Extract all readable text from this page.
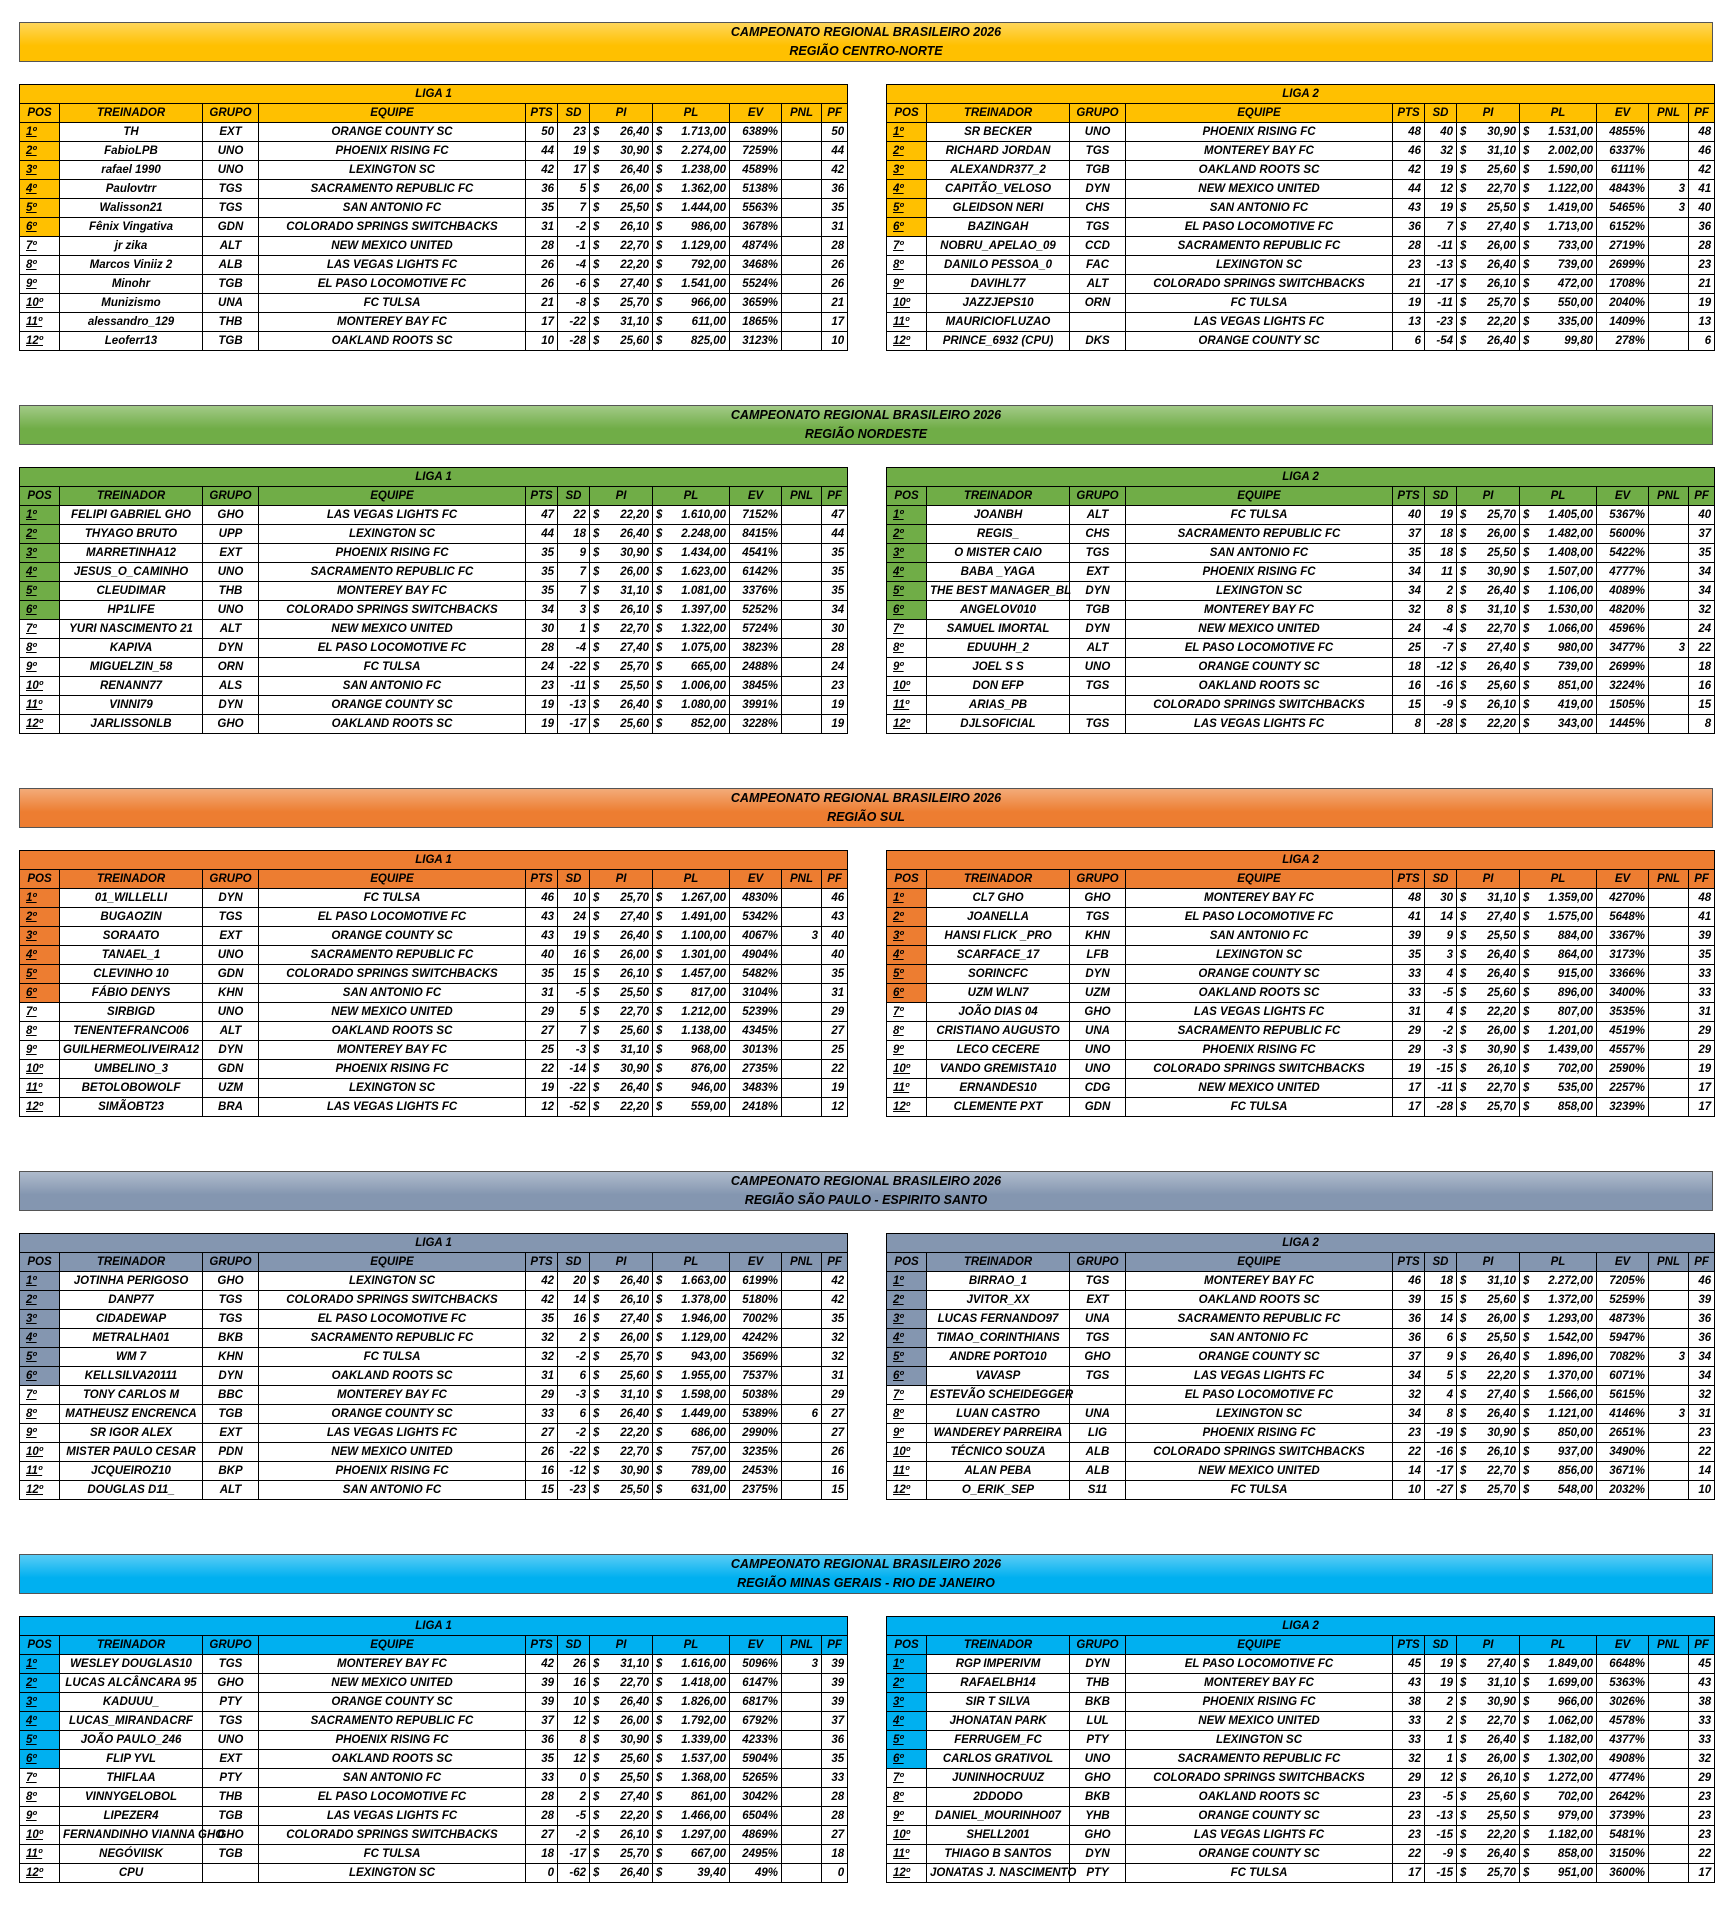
CAMPEONATO REGIONAL BRASILEIRO 2026
REGIÃO CENTRO-NORTE
LIGA 1										
POS	TREINADOR	GRUPO	EQUIPE	PTS	SD	PI	PL	EV	PNL	PF
1º	TH	EXT	ORANGE COUNTY SC	50	23	$ 26,40	$ 1.713,00	6389%		50
2º	FabioLPB	UNO	PHOENIX RISING FC	44	19	$ 30,90	$ 2.274,00	7259%		44
3º	rafael 1990	UNO	LEXINGTON SC	42	17	$ 26,40	$ 1.238,00	4589%		42
4º	Paulovtrr	TGS	SACRAMENTO REPUBLIC FC	36	5	$ 26,00	$ 1.362,00	5138%		36
5º	Walisson21	TGS	SAN ANTONIO FC	35	7	$ 25,50	$ 1.444,00	5563%		35
6º	Fênix Vingativa	GDN	COLORADO SPRINGS SWITCHBACKS	31	-2	$ 26,10	$ 986,00	3678%		31
7º	jr zika	ALT	NEW MEXICO UNITED	28	-1	$ 22,70	$ 1.129,00	4874%		28
8º	Marcos Viniiz 2	ALB	LAS VEGAS LIGHTS FC	26	-4	$ 22,20	$ 792,00	3468%		26
9º	Minohr	TGB	EL PASO LOCOMOTIVE FC	26	-6	$ 27,40	$ 1.541,00	5524%		26
10º	Munizismo	UNA	FC TULSA	21	-8	$ 25,70	$ 966,00	3659%		21
11º	alessandro_129	THB	MONTEREY BAY FC	17	-22	$ 31,10	$ 611,00	1865%		17
12º	Leoferr13	TGB	OAKLAND ROOTS SC	10	-28	$ 25,60	$ 825,00	3123%		10
LIGA 2										
POS	TREINADOR	GRUPO	EQUIPE	PTS	SD	PI	PL	EV	PNL	PF
1º	SR BECKER	UNO	PHOENIX RISING FC	48	40	$ 30,90	$ 1.531,00	4855%		48
2º	RICHARD JORDAN	TGS	MONTEREY BAY FC	46	32	$ 31,10	$ 2.002,00	6337%		46
3º	ALEXANDR377_2	TGB	OAKLAND ROOTS SC	42	19	$ 25,60	$ 1.590,00	6111%		42
4º	CAPITÃO_VELOSO	DYN	NEW MEXICO UNITED	44	12	$ 22,70	$ 1.122,00	4843%	3	41
5º	GLEIDSON NERI	CHS	SAN ANTONIO FC	43	19	$ 25,50	$ 1.419,00	5465%	3	40
6º	BAZINGAH	TGS	EL PASO LOCOMOTIVE FC	36	7	$ 27,40	$ 1.713,00	6152%		36
7º	NOBRU_APELAO_09	CCD	SACRAMENTO REPUBLIC FC	28	-11	$ 26,00	$ 733,00	2719%		28
8º	DANILO PESSOA_0	FAC	LEXINGTON SC	23	-13	$ 26,40	$ 739,00	2699%		23
9º	DAVIHL77	ALT	COLORADO SPRINGS SWITCHBACKS	21	-17	$ 26,10	$ 472,00	1708%		21
10º	JAZZJEPS10	ORN	FC TULSA	19	-11	$ 25,70	$ 550,00	2040%		19
11º	MAURICIOFLUZAO		LAS VEGAS LIGHTS FC	13	-23	$ 22,20	$ 335,00	1409%		13
12º	PRINCE_6932 (CPU)	DKS	ORANGE COUNTY SC	6	-54	$ 26,40	$ 99,80	278%		6
CAMPEONATO REGIONAL BRASILEIRO 2026
REGIÃO NORDESTE
LIGA 1										
POS	TREINADOR	GRUPO	EQUIPE	PTS	SD	PI	PL	EV	PNL	PF
1º	FELIPI GABRIEL GHO	GHO	LAS VEGAS LIGHTS FC	47	22	$ 22,20	$ 1.610,00	7152%		47
2º	THYAGO BRUTO	UPP	LEXINGTON SC	44	18	$ 26,40	$ 2.248,00	8415%		44
3º	MARRETINHA12	EXT	PHOENIX RISING FC	35	9	$ 30,90	$ 1.434,00	4541%		35
4º	JESUS_O_CAMINHO	UNO	SACRAMENTO REPUBLIC FC	35	7	$ 26,00	$ 1.623,00	6142%		35
5º	CLEUDIMAR	THB	MONTEREY BAY FC	35	7	$ 31,10	$ 1.081,00	3376%		35
6º	HP1LIFE	UNO	COLORADO SPRINGS SWITCHBACKS	34	3	$ 26,10	$ 1.397,00	5252%		34
7º	YURI NASCIMENTO 21	ALT	NEW MEXICO UNITED	30	1	$ 22,70	$ 1.322,00	5724%		30
8º	KAPIVA	DYN	EL PASO LOCOMOTIVE FC	28	-4	$ 27,40	$ 1.075,00	3823%		28
9º	MIGUELZIN_58	ORN	FC TULSA	24	-22	$ 25,70	$ 665,00	2488%		24
10º	RENANN77	ALS	SAN ANTONIO FC	23	-11	$ 25,50	$ 1.006,00	3845%		23
11º	VINNI79	DYN	ORANGE COUNTY SC	19	-13	$ 26,40	$ 1.080,00	3991%		19
12º	JARLISSONLB	GHO	OAKLAND ROOTS SC	19	-17	$ 25,60	$ 852,00	3228%		19
LIGA 2										
POS	TREINADOR	GRUPO	EQUIPE	PTS	SD	PI	PL	EV	PNL	PF
1º	JOANBH	ALT	FC TULSA	40	19	$ 25,70	$ 1.405,00	5367%		40
2º	REGIS_	CHS	SACRAMENTO REPUBLIC FC	37	18	$ 26,00	$ 1.482,00	5600%		37
3º	O MISTER CAIO	TGS	SAN ANTONIO FC	35	18	$ 25,50	$ 1.408,00	5422%		35
4º	BABA _YAGA	EXT	PHOENIX RISING FC	34	11	$ 30,90	$ 1.507,00	4777%		34
5º	THE BEST MANAGER_BL	DYN	LEXINGTON SC	34	2	$ 26,40	$ 1.106,00	4089%		34
6º	ANGELOV010	TGB	MONTEREY BAY FC	32	8	$ 31,10	$ 1.530,00	4820%		32
7º	SAMUEL IMORTAL	DYN	NEW MEXICO UNITED	24	-4	$ 22,70	$ 1.066,00	4596%		24
8º	EDUUHH_2	ALT	EL PASO LOCOMOTIVE FC	25	-7	$ 27,40	$ 980,00	3477%	3	22
9º	JOEL S S	UNO	ORANGE COUNTY SC	18	-12	$ 26,40	$ 739,00	2699%		18
10º	DON EFP	TGS	OAKLAND ROOTS SC	16	-16	$ 25,60	$ 851,00	3224%		16
11º	ARIAS_PB		COLORADO SPRINGS SWITCHBACKS	15	-9	$ 26,10	$ 419,00	1505%		15
12º	DJLSOFICIAL	TGS	LAS VEGAS LIGHTS FC	8	-28	$ 22,20	$ 343,00	1445%		8
CAMPEONATO REGIONAL BRASILEIRO 2026
REGIÃO SUL
LIGA 1										
POS	TREINADOR	GRUPO	EQUIPE	PTS	SD	PI	PL	EV	PNL	PF
1º	01_WILLELLI	DYN	FC TULSA	46	10	$ 25,70	$ 1.267,00	4830%		46
2º	BUGAOZIN	TGS	EL PASO LOCOMOTIVE FC	43	24	$ 27,40	$ 1.491,00	5342%		43
3º	SORAATO	EXT	ORANGE COUNTY SC	43	19	$ 26,40	$ 1.100,00	4067%	3	40
4º	TANAEL_1	UNO	SACRAMENTO REPUBLIC FC	40	16	$ 26,00	$ 1.301,00	4904%		40
5º	CLEVINHO 10	GDN	COLORADO SPRINGS SWITCHBACKS	35	15	$ 26,10	$ 1.457,00	5482%		35
6º	FÁBIO DENYS	KHN	SAN ANTONIO FC	31	-5	$ 25,50	$ 817,00	3104%		31
7º	SIRBIGD	UNO	NEW MEXICO UNITED	29	5	$ 22,70	$ 1.212,00	5239%		29
8º	TENENTEFRANCO06	ALT	OAKLAND ROOTS SC	27	7	$ 25,60	$ 1.138,00	4345%		27
9º	GUILHERMEOLIVEIRA12	DYN	MONTEREY BAY FC	25	-3	$ 31,10	$ 968,00	3013%		25
10º	UMBELINO_3	GDN	PHOENIX RISING FC	22	-14	$ 30,90	$ 876,00	2735%		22
11º	BETOLOBOWOLF	UZM	LEXINGTON SC	19	-22	$ 26,40	$ 946,00	3483%		19
12º	SIMÃOBT23	BRA	LAS VEGAS LIGHTS FC	12	-52	$ 22,20	$ 559,00	2418%		12
LIGA 2										
POS	TREINADOR	GRUPO	EQUIPE	PTS	SD	PI	PL	EV	PNL	PF
1º	CL7 GHO	GHO	MONTEREY BAY FC	48	30	$ 31,10	$ 1.359,00	4270%		48
2º	JOANELLA	TGS	EL PASO LOCOMOTIVE FC	41	14	$ 27,40	$ 1.575,00	5648%		41
3º	HANSI FLICK _PRO	KHN	SAN ANTONIO FC	39	9	$ 25,50	$ 884,00	3367%		39
4º	SCARFACE_17	LFB	LEXINGTON SC	35	3	$ 26,40	$ 864,00	3173%		35
5º	SORINCFC	DYN	ORANGE COUNTY SC	33	4	$ 26,40	$ 915,00	3366%		33
6º	UZM WLN7	UZM	OAKLAND ROOTS SC	33	-5	$ 25,60	$ 896,00	3400%		33
7º	JOÃO DIAS 04	GHO	LAS VEGAS LIGHTS FC	31	4	$ 22,20	$ 807,00	3535%		31
8º	CRISTIANO AUGUSTO	UNA	SACRAMENTO REPUBLIC FC	29	-2	$ 26,00	$ 1.201,00	4519%		29
9º	LECO CECERE	UNO	PHOENIX RISING FC	29	-3	$ 30,90	$ 1.439,00	4557%		29
10º	VANDO GREMISTA10	UNO	COLORADO SPRINGS SWITCHBACKS	19	-15	$ 26,10	$ 702,00	2590%		19
11º	ERNANDES10	CDG	NEW MEXICO UNITED	17	-11	$ 22,70	$ 535,00	2257%		17
12º	CLEMENTE PXT	GDN	FC TULSA	17	-28	$ 25,70	$ 858,00	3239%		17
CAMPEONATO REGIONAL BRASILEIRO 2026
REGIÃO SÃO PAULO - ESPIRITO SANTO
LIGA 1										
POS	TREINADOR	GRUPO	EQUIPE	PTS	SD	PI	PL	EV	PNL	PF
1º	JOTINHA PERIGOSO	GHO	LEXINGTON SC	42	20	$ 26,40	$ 1.663,00	6199%		42
2º	DANP77	TGS	COLORADO SPRINGS SWITCHBACKS	42	14	$ 26,10	$ 1.378,00	5180%		42
3º	CIDADEWAP	TGS	EL PASO LOCOMOTIVE FC	35	16	$ 27,40	$ 1.946,00	7002%		35
4º	METRALHA01	BKB	SACRAMENTO REPUBLIC FC	32	2	$ 26,00	$ 1.129,00	4242%		32
5º	WM 7	KHN	FC TULSA	32	-2	$ 25,70	$ 943,00	3569%		32
6º	KELLSILVA20111	DYN	OAKLAND ROOTS SC	31	6	$ 25,60	$ 1.955,00	7537%		31
7º	TONY CARLOS M	BBC	MONTEREY BAY FC	29	-3	$ 31,10	$ 1.598,00	5038%		29
8º	MATHEUSZ ENCRENCA	TGB	ORANGE COUNTY SC	33	6	$ 26,40	$ 1.449,00	5389%	6	27
9º	SR IGOR ALEX	EXT	LAS VEGAS LIGHTS FC	27	-2	$ 22,20	$ 686,00	2990%		27
10º	MISTER PAULO CESAR	PDN	NEW MEXICO UNITED	26	-22	$ 22,70	$ 757,00	3235%		26
11º	JCQUEIROZ10	BKP	PHOENIX RISING FC	16	-12	$ 30,90	$ 789,00	2453%		16
12º	DOUGLAS D11_	ALT	SAN ANTONIO FC	15	-23	$ 25,50	$ 631,00	2375%		15
LIGA 2										
POS	TREINADOR	GRUPO	EQUIPE	PTS	SD	PI	PL	EV	PNL	PF
1º	BIRRAO_1	TGS	MONTEREY BAY FC	46	18	$ 31,10	$ 2.272,00	7205%		46
2º	JVITOR_XX	EXT	OAKLAND ROOTS SC	39	15	$ 25,60	$ 1.372,00	5259%		39
3º	LUCAS FERNANDO97	UNA	SACRAMENTO REPUBLIC FC	36	14	$ 26,00	$ 1.293,00	4873%		36
4º	TIMAO_CORINTHIANS	TGS	SAN ANTONIO FC	36	6	$ 25,50	$ 1.542,00	5947%		36
5º	ANDRE PORTO10	GHO	ORANGE COUNTY SC	37	9	$ 26,40	$ 1.896,00	7082%	3	34
6º	VAVASP	TGS	LAS VEGAS LIGHTS FC	34	5	$ 22,20	$ 1.370,00	6071%		34
7º	ESTEVÃO SCHEIDEGGER		EL PASO LOCOMOTIVE FC	32	4	$ 27,40	$ 1.566,00	5615%		32
8º	LUAN CASTRO	UNA	LEXINGTON SC	34	8	$ 26,40	$ 1.121,00	4146%	3	31
9º	WANDEREY PARREIRA	LIG	PHOENIX RISING FC	23	-19	$ 30,90	$ 850,00	2651%		23
10º	TÉCNICO SOUZA	ALB	COLORADO SPRINGS SWITCHBACKS	22	-16	$ 26,10	$ 937,00	3490%		22
11º	ALAN PEBA	ALB	NEW MEXICO UNITED	14	-17	$ 22,70	$ 856,00	3671%		14
12º	O_ERIK_SEP	S11	FC TULSA	10	-27	$ 25,70	$ 548,00	2032%		10
CAMPEONATO REGIONAL BRASILEIRO 2026
REGIÃO MINAS GERAIS - RIO DE JANEIRO
LIGA 1										
POS	TREINADOR	GRUPO	EQUIPE	PTS	SD	PI	PL	EV	PNL	PF
1º	WESLEY DOUGLAS10	TGS	MONTEREY BAY FC	42	26	$ 31,10	$ 1.616,00	5096%	3	39
2º	LUCAS ALCÂNCARA 95	GHO	NEW MEXICO UNITED	39	16	$ 22,70	$ 1.418,00	6147%		39
3º	KADUUU_	PTY	ORANGE COUNTY SC	39	10	$ 26,40	$ 1.826,00	6817%		39
4º	LUCAS_MIRANDACRF	TGS	SACRAMENTO REPUBLIC FC	37	12	$ 26,00	$ 1.792,00	6792%		37
5º	JOÃO PAULO_246	UNO	PHOENIX RISING FC	36	8	$ 30,90	$ 1.339,00	4233%		36
6º	FLIP YVL	EXT	OAKLAND ROOTS SC	35	12	$ 25,60	$ 1.537,00	5904%		35
7º	THIFLAA	PTY	SAN ANTONIO FC	33	0	$ 25,50	$ 1.368,00	5265%		33
8º	VINNYGELOBOL	THB	EL PASO LOCOMOTIVE FC	28	2	$ 27,40	$ 861,00	3042%		28
9º	LIPEZER4	TGB	LAS VEGAS LIGHTS FC	28	-5	$ 22,20	$ 1.466,00	6504%		28
10º	FERNANDINHO VIANNA GHO	GHO	COLORADO SPRINGS SWITCHBACKS	27	-2	$ 26,10	$ 1.297,00	4869%		27
11º	NEGÓVIISK	TGB	FC TULSA	18	-17	$ 25,70	$ 667,00	2495%		18
12º	CPU		LEXINGTON SC	0	-62	$ 26,40	$ 39,40	49%		0
LIGA 2										
POS	TREINADOR	GRUPO	EQUIPE	PTS	SD	PI	PL	EV	PNL	PF
1º	RGP IMPERIVM	DYN	EL PASO LOCOMOTIVE FC	45	19	$ 27,40	$ 1.849,00	6648%		45
2º	RAFAELBH14	THB	MONTEREY BAY FC	43	19	$ 31,10	$ 1.699,00	5363%		43
3º	SIR T SILVA	BKB	PHOENIX RISING FC	38	2	$ 30,90	$ 966,00	3026%		38
4º	JHONATAN PARK	LUL	NEW MEXICO UNITED	33	2	$ 22,70	$ 1.062,00	4578%		33
5º	FERRUGEM_FC	PTY	LEXINGTON SC	33	1	$ 26,40	$ 1.182,00	4377%		33
6º	CARLOS GRATIVOL	UNO	SACRAMENTO REPUBLIC FC	32	1	$ 26,00	$ 1.302,00	4908%		32
7º	JUNINHOCRUUZ	GHO	COLORADO SPRINGS SWITCHBACKS	29	12	$ 26,10	$ 1.272,00	4774%		29
8º	2DDODO	BKB	OAKLAND ROOTS SC	23	-5	$ 25,60	$ 702,00	2642%		23
9º	DANIEL_MOURINHO07	YHB	ORANGE COUNTY SC	23	-13	$ 25,50	$ 979,00	3739%		23
10º	SHELL2001	GHO	LAS VEGAS LIGHTS FC	23	-15	$ 22,20	$ 1.182,00	5481%		23
11º	THIAGO B SANTOS	DYN	ORANGE COUNTY SC	22	-9	$ 26,40	$ 858,00	3150%		22
12º	JONATAS J. NASCIMENTO	PTY	FC TULSA	17	-15	$ 25,70	$ 951,00	3600%		17
